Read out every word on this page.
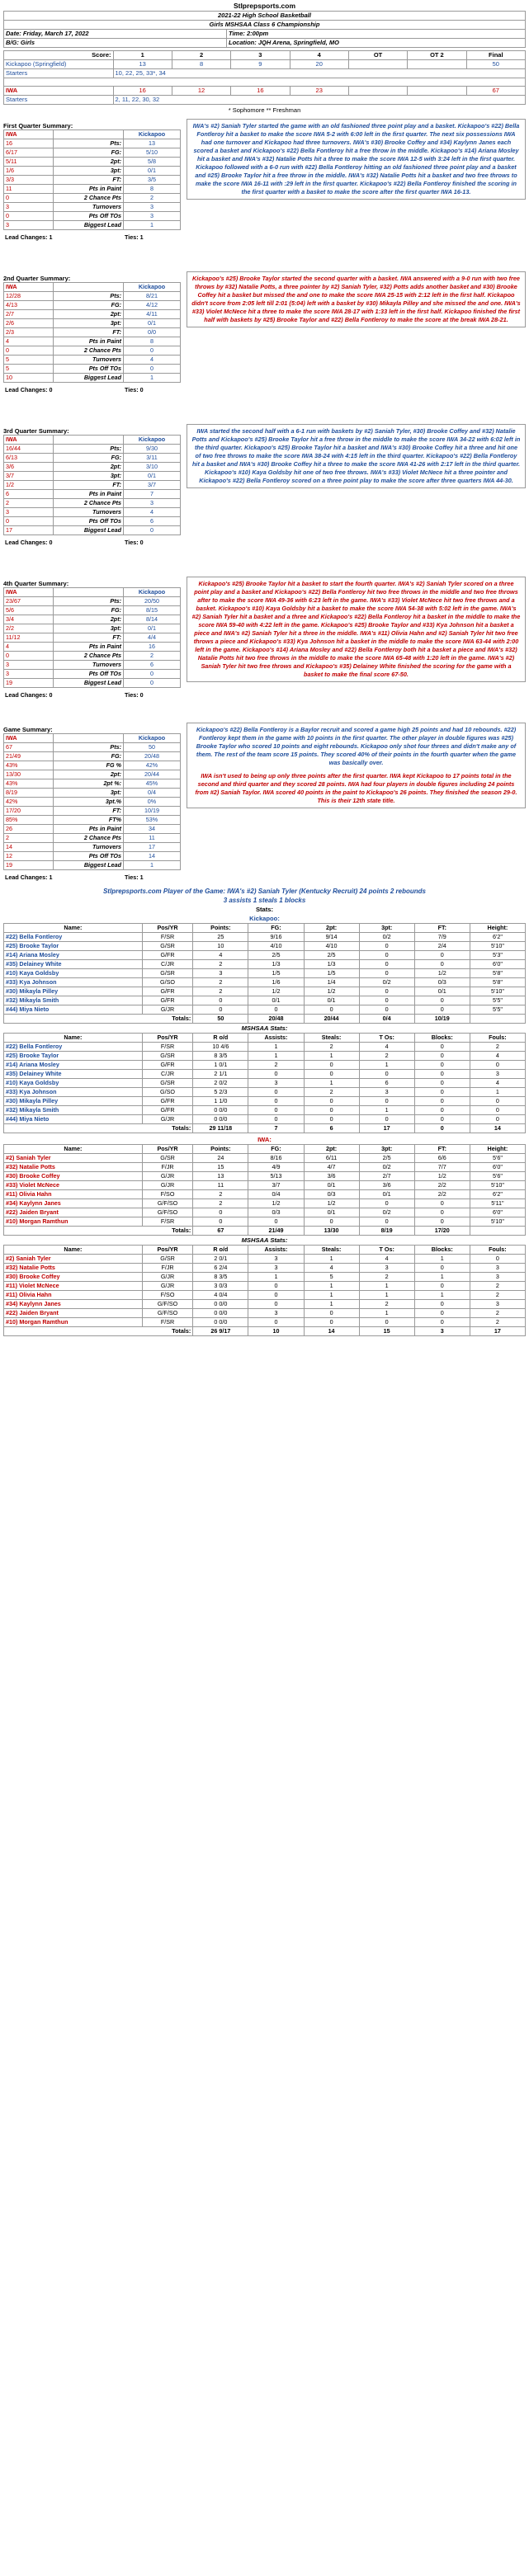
Stlprepsports.com
2021-22 High School Basketball	
Girls MSHSAA Class 6 Championship	
Date: Friday, March 17, 2022	Time: 2:00pm
B/G: Girls	Location: JQH Arena, Springfield, MO
Score:	1	2	3	4	OT	OT 2	Final
Kickapoo (Springfield)	13	8	9	20			50
Starters	10, 22, 25, 33*, 34						

IWA	16	12	16	23			67
Starters	2, 11, 22, 30, 32						
* Sophomore ** Freshman
First Quarter Summary:	IWA's #2) Saniah Tyler started the game with an old fashioned three point play and a basket. Kickapoo's #22) Bella Fontleroy hit a basket to make the score IWA 5-2 with 6:00 left in the first quarter. The next six possessions IWA had one turnover and Kickapoo had three turnovers. IWA's #30) Brooke Coffey and #34) Kaylynn Janes each scored a basket and Kickapoo's #22) Bella Fontleroy hit a free throw in the middle. Kickapoo's #14) Ariana Mosley hit a basket and IWA's #32) Natalie Potts hit a three to make the score IWA 12-5 with 3:24 left in the first quarter. Kickapoo followed with a 6-0 run with #22) Bella Fontleroy hitting an old fashioned three point play and a basket and #25) Brooke Taylor hit a free throw in the middle. IWA's #32) Natalie Potts hit a basket and two free throws to make the score IWA 16-11 with :29 left in the first quarter. Kickapoo's #22) Bella Fontleroy finished the scoring in the first quarter with a basket to make the score after the first quarter IWA 16-13.
IWA		Kickapoo
16	Pts:	13
6/17	FG:	5/10
5/11	2pt:	5/8
1/6	3pt:	0/1
3/3	FT:	3/5
11	Pts in Paint	8
0	2 Chance Pts	2
3	Turnovers	3
0	Pts Off TOs	3
3	Biggest Lead	1
Lead Changes: 1	Ties: 1
2nd Quarter Summary:	Kickapoo's #25) Brooke Taylor started the second quarter with a basket. IWA answered with a 9-0 run with two free throws by #32) Natalie Potts, a three pointer by #2) Saniah Tyler, #32) Potts adds another basket and #30) Brooke Coffey hit a basket but missed the and one to make the score IWA 25-15 with 2:12 left in the first half. Kickapoo didn't score from 2:05 left till 2:01 (5:04) left with a basket by #30) Mikayla Pilley and she missed the and one. IWA's #33) Violet McNece hit a three to make the score IWA 28-17 with 1:33 left in the first half. Kickapoo finished the first half with baskets by #25) Brooke Taylor and #22) Bella Fontleroy to make the score at the break IWA 28-21.
IWA		Kickapoo
12/28	Pts:	8/21
4/13	FG:	4/12
2/7	2pt:	4/11
2/6	3pt:	0/1
2/3	FT:	0/0
4	Pts in Paint	8
0	2 Chance Pts	0
5	Turnovers	4
5	Pts Off TOs	0
10	Biggest Lead	1
Lead Changes: 0	Ties: 0
3rd Quarter Summary:	IWA started the second half with a 6-1 run with baskets by #2) Saniah Tyler, #30) Brooke Coffey and #32) Natalie Potts and Kickapoo's #25) Brooke Taylor hit a free throw in the middle to make the score IWA 34-22 with 6:02 left in the third quarter. Kickapoo's #25) Brooke Taylor hit a basket and IWA's #30) Brooke Coffey hit a three and hit one of two free throws to make the score IWA 38-24 with 4:15 left in the third quarter. Kickapoo's #22) Bella Fontleroy hit a basket and IWA's #30) Brooke Coffey hit a three to make the score IWA 41-26 with 2:17 left in the third quarter. Kickapoo's #10) Kaya Goldsby hit one of two free throws. IWA's #33) Violet McNece hit a three pointer and Kickapoo's #22) Bella Fontleroy scored on a three point play to make the score after three quarters IWA 44-30.
IWA		Kickapoo
16/44	Pts:	9/30
6/13	FG:	3/11
3/6	2pt:	3/10
3/7	3pt:	0/1
1/2	FT:	3/7
6	Pts in Paint	7
2	2 Chance Pts	3
3	Turnovers	4
0	Pts Off TOs	6
17	Biggest Lead	0
Lead Changes: 0	Ties: 0
4th Quarter Summary:	Kickapoo's #25) Brooke Taylor hit a basket to start the fourth quarter. IWA's #2) Saniah Tyler scored on a three point play and a basket and Kickapoo's #22) Bella Fontleroy hit two free throws in the middle and two free throws after to make the score IWA 49-36 with 6:23 left in the game. IWA's #33) Violet McNece hit two free throws and a basket. Kickapoo's #10) Kaya Goldsby hit a basket to make the score IWA 54-38 with 5:02 left in the game. IWA's #2) Saniah Tyler hit a basket and a three and Kickapoo's #22) Bella Fontleroy hit a basket in the middle to make the score IWA 59-40 with 4:22 left in the game. Kickapoo's #25) Brooke Taylor and #33) Kya Johnson hit a basket a piece and IWA's #2) Saniah Tyler hit a three in the middle. IWA's #11) Olivia Hahn and #2) Saniah Tyler hit two free throws a piece and Kickapoo's #33) Kya Johnson hit a basket in the middle to make the score IWA 63-44 with 2:00 left in the game. Kickapoo's #14) Ariana Mosley and #22) Bella Fontleroy both hit a basket a piece and IWA's #32) Natalie Potts hit two free throws in the middle to make the score IWA 65-48 with 1:20 left in the game. IWA's #2) Saniah Tyler hit two free throws and Kickapoo's #35) Delainey White finished the scoring for the game with a basket to make the final score 67-50.
IWA		Kickapoo
23/67	Pts:	20/50
5/6	FG:	8/15
3/4	2pt:	8/14
2/2	3pt:	0/1
11/12	FT:	4/4
4	Pts in Paint	16
0	2 Chance Pts	2
3	Turnovers	6
3	Pts Off TOs	0
19	Biggest Lead	0
Lead Changes: 0	Ties: 0
Game Summary:	Kickapoo's #22) Bella Fontleroy is a Baylor recruit and scored a game high 25 points and had 10 rebounds. #22) Fontleroy kept them in the game with 10 points in the first quarter. The other player in double figures was #25) Brooke Taylor who scored 10 points and eight rebounds. Kickapoo only shot four threes and didn't make any of them. The rest of the team score 15 points. They scored 40% of their points in the fourth quarter when the game was basically over.
IWA isn't used to being up only three points after the first quarter. IWA kept Kickapoo to 17 points total in the second and third quarter and they scored 28 points. IWA had four players in double figures including 24 points from #2) Saniah Taylor. IWA scored 40 points in the paint to Kickapoo's 26 points. They finished the season 29-0. This is their 12th state title.
IWA		Kickapoo
67	Pts:	50
21/49	FG:	20/48
43%	FG %	42%
13/30	2pt:	20/44
43%	2pt %:	45%
8/19	3pt:	0/4
42%	3pt.%	0%
17/20	FT:	10/19
85%	FT%	53%
26	Pts in Paint	34
2	2 Chance Pts	11
14	Turnovers	17
12	Pts Off TOs	14
19	Biggest Lead	1
Lead Changes: 1	Ties: 1
Stlprepsports.com Player of the Game: IWA's #2) Saniah Tyler (Kentucky Recruit) 24 points 2 rebounds
3 assists 1 steals 1 blocks
Stats:
Kickapoo:
Name:	Pos/YR	Points:	FG:	2pt:	3pt:	FT:	Height:
#22) Bella Fontleroy	F/SR	25	9/16	9/14	0/2	7/9	6'2"
#25) Brooke Taylor	G/SR	10	4/10	4/10	0	2/4	5'10"
#14) Ariana Mosley	G/FR	4	2/5	2/5	0	0	5'3"
#35) Delainey White	C/JR	2	1/3	1/3	0	0	6'0"
#10) Kaya Goldsby	G/SR	3	1/5	1/5	0	1/2	5'8"
#33) Kya Johnson	G/SO	2	1/6	1/4	0/2	0/3	5'8"
#30) Mikayla Pilley	G/FR	2	1/2	1/2	0	0/1	5'10"
#32) Mikayla Smith	G/FR	0	0/1	0/1	0	0	5'5"
#44) Miya Nieto	G/JR	0	0	0	0	0	5'5"
Totals:		50	20/48	20/44	0/4	10/19	
MSHSAA Stats:
Name:	Pos/YR	R o/d	Assists:	Steals:	T Os:	Blocks:	Fouls:
#22) Bella Fontleroy	F/SR	10 4/6	1	2	4	0	2
#25) Brooke Taylor	G/SR	8 3/5	1	1	2	0	4
#14) Ariana Mosley	G/FR	1 0/1	2	0	1	0	0
#35) Delainey White	C/JR	2 1/1	0	0	0	0	3
#10) Kaya Goldsby	G/SR	2 0/2	3	1	6	0	4
#33) Kya Johnson	G/SO	5 2/3	0	2	3	0	1
#30) Mikayla Pilley	G/FR	1 1/0	0	0	0	0	0
#32) Mikayla Smith	G/FR	0 0/0	0	0	1	0	0
#44) Miya Nieto	G/JR	0 0/0	0	0	0	0	0
Totals:		29 11/18	7	6	17	0	14
IWA:
Name:	Pos/YR	Points:	FG:	2pt:	3pt:	FT:	Height:
#2) Saniah Tyler	G/SR	24	8/16	6/11	2/5	6/6	5'6"
#32) Natalie Potts	F/JR	15	4/9	4/7	0/2	7/7	6'0"
#30) Brooke Coffey	G/JR	13	5/13	3/6	2/7	1/2	5'6"
#33) Violet McNece	G/JR	11	3/7	0/1	3/6	2/2	5'10"
#11) Olivia Hahn	F/SO	2	0/4	0/3	0/1	2/2	6'2"
#34) Kaylynn Janes	G/F/SO	2	1/2	1/2	0	0	5'11"
#22) Jaiden Bryant	G/F/SO	0	0/3	0/1	0/2	0	6'0"
#10) Morgan Ramthun	F/SR	0	0	0	0	0	5'10"
Totals:		67	21/49	13/30	8/19	17/20	
MSHSAA Stats:
Name:	Pos/YR	R o/d	Assists:	Steals:	T Os:	Blocks:	Fouls:
#2) Saniah Tyler	G/SR	2 0/1	3	1	4	1	0
#32) Natalie Potts	F/JR	6 2/4	3	4	3	0	3
#30) Brooke Coffey	G/JR	8 3/5	1	5	2	1	3
#11) Violet McNece	G/JR	3 0/3	0	1	1	0	2
#11) Olivia Hahn	F/SO	4 0/4	0	1	1	1	2
#34) Kaylynn Janes	G/F/SO	0 0/0	0	1	2	0	3
#22) Jaiden Bryant	G/F/SO	0 0/0	3	0	1	0	2
#10) Morgan Ramthun	F/SR	0 0/0	0	0	0	0	2
Totals:		26 9/17	10	14	15	3	17
